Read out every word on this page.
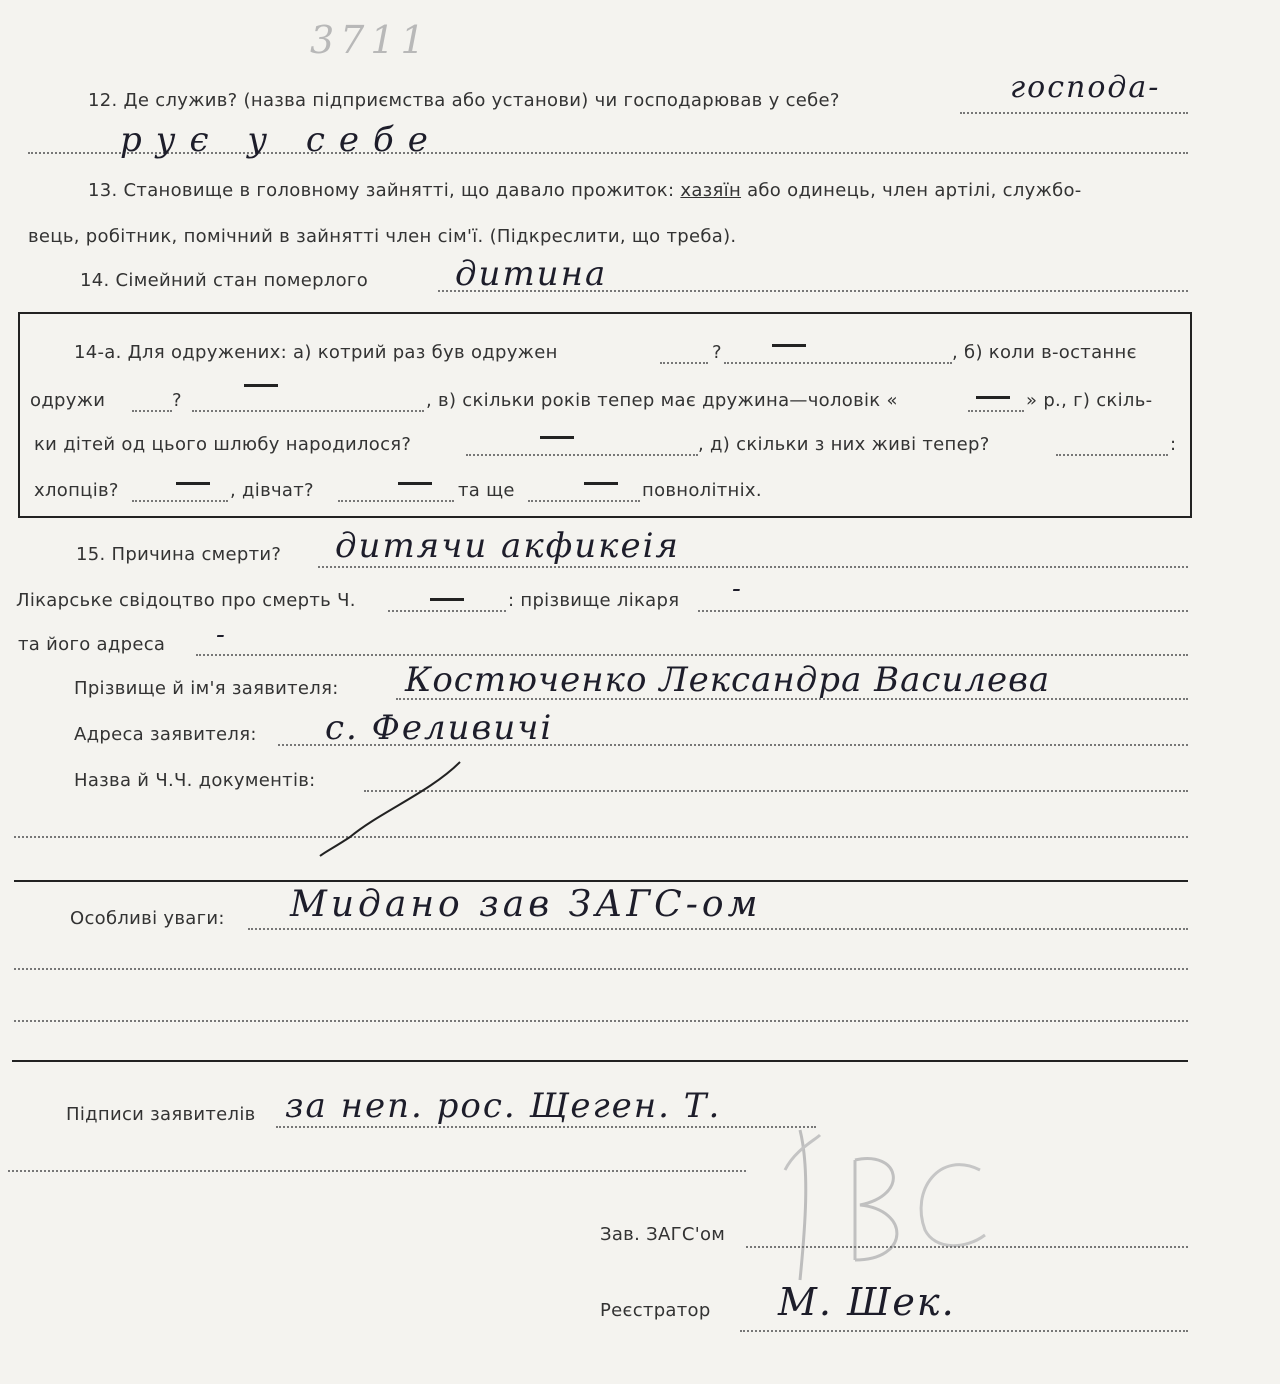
3711
12. Де служив? (назва підприємства або установи) чи господарював у себе?	господа-
рує у себе
13. Становище в головному зайнятті, що давало прожиток: хазяїн або одинець, член артілі, службо-
вець, робітник, помічний в зайнятті член сім'ї. (Підкреслити, що треба).
14. Сімейний стан померлого	дитина
14-а. Для одружених: а) котрий раз був одружен	?	, б) коли в-останнє
одружи	?	, в) скільки років тепер має дружина—чоловік «	» р., г) скіль-
ки дітей од цього шлюбу народилося?	, д) скільки з них живі тепер?	:
хлопців?	, дівчат?	та ще	повнолітніх.
15. Причина смерти? дитячи акфикеія
Лікарське свідоцтво про смерть Ч.	: прізвище лікаря -
та його адреса -
Прізвище й ім'я заявителя: Костюченко Лександра Василева
Адреса заявителя: с. Феливичі
Назва й Ч.Ч. документів:
Особливі уваги: Мидано зав ЗАГС-ом
Підписи заявителів за неп. рос. Щеген. Т.
Зав. ЗАГС'ом
Реєстратор М. Шек.
